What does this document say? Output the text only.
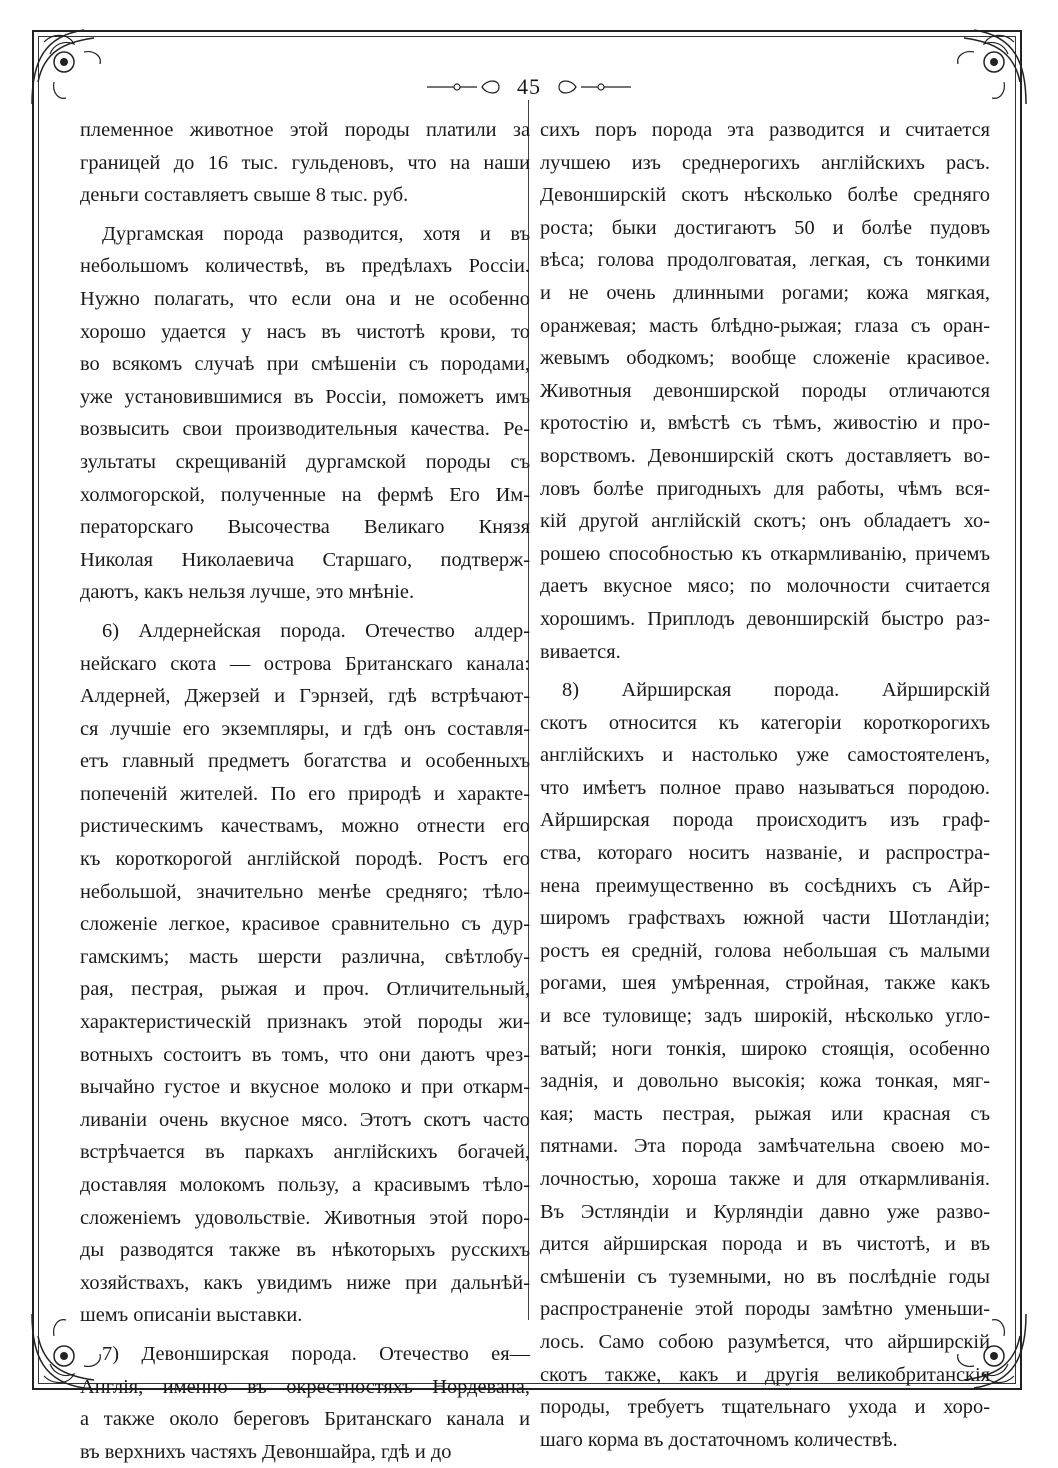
45
племенное животное этой породы платили за
границей до 16 тыс. гульденовъ, что на наши
деньги составляетъ свыше 8 тыс. руб.
Дургамская порода разводится, хотя и въ
небольшомъ количествѣ, въ предѣлахъ Россіи.
Нужно полагать, что если она и не особенно
хорошо удается у насъ въ чистотѣ крови, то
во всякомъ случаѣ при смѣшеніи съ породами,
уже установившимися въ Россіи, поможетъ имъ
возвысить свои производительныя качества. Ре-
зультаты скрещиваній дургамской породы съ
холмогорской, полученные на фермѣ Его Им-
ператорскаго Высочества Великаго Князя
Николая Николаевича Старшаго, подтверж-
даютъ, какъ нельзя лучше, это мнѣніе.
6) Алдернейская порода. Отечество алдер-
нейскаго скота — острова Британскаго канала:
Алдерней, Джерзей и Гэрнзей, гдѣ встрѣчают-
ся лучшіе его экземпляры, и гдѣ онъ составля-
етъ главный предметъ богатства и особенныхъ
попеченій жителей. По его природѣ и характе-
ристическимъ качествамъ, можно отнести его
къ короткорогой англійской породѣ. Ростъ его
небольшой, значительно менѣе средняго; тѣло-
сложеніе легкое, красивое сравнительно съ дур-
гамскимъ; масть шерсти различна, свѣтлобу-
рая, пестрая, рыжая и проч. Отличительный,
характеристическій признакъ этой породы жи-
вотныхъ состоитъ въ томъ, что они даютъ чрез-
вычайно густое и вкусное молоко и при откарм-
ливаніи очень вкусное мясо. Этотъ скотъ часто
встрѣчается въ паркахъ англійскихъ богачей,
доставляя молокомъ пользу, а красивымъ тѣло-
сложеніемъ удовольствіе. Животныя этой поро-
ды разводятся также въ нѣкоторыхъ русскихъ
хозяйствахъ, какъ увидимъ ниже при дальнѣй-
шемъ описаніи выставки.
7) Девонширская порода. Отечество ея—
Англія, именно въ окрестностяхъ Нордевана,
а также около береговъ Британскаго канала и
въ верхнихъ частяхъ Девоншайра, гдѣ и до
сихъ поръ порода эта разводится и считается
лучшею изъ среднерогихъ англійскихъ расъ.
Девонширскій скотъ нѣсколько болѣе средняго
роста; быки достигаютъ 50 и болѣе пудовъ
вѣса; голова продолговатая, легкая, съ тонкими
и не очень длинными рогами; кожа мягкая,
оранжевая; масть блѣдно-рыжая; глаза съ оран-
жевымъ ободкомъ; вообще сложеніе красивое.
Животныя девонширской породы отличаются
кротостію и, вмѣстѣ съ тѣмъ, живостію и про-
ворствомъ. Девонширскій скотъ доставляетъ во-
ловъ болѣе пригодныхъ для работы, чѣмъ вся-
кій другой англійскій скотъ; онъ обладаетъ хо-
рошею способностью къ откармливанію, причемъ
даетъ вкусное мясо; по молочности считается
хорошимъ. Приплодъ девонширскій быстро раз-
вивается.
8) Айрширская порода. Айрширскій
скотъ относится къ категоріи короткорогихъ
англійскихъ и настолько уже самостоятеленъ,
что имѣетъ полное право называться породою.
Айрширская порода происходитъ изъ граф-
ства, котораго носитъ названіе, и распростра-
нена преимущественно въ сосѣднихъ съ Айр-
широмъ графствахъ южной части Шотландіи;
ростъ ея средній, голова небольшая съ малыми
рогами, шея умѣренная, стройная, также какъ
и все туловище; задъ широкій, нѣсколько угло-
ватый; ноги тонкія, широко стоящія, особенно
заднія, и довольно высокія; кожа тонкая, мяг-
кая; масть пестрая, рыжая или красная съ
пятнами. Эта порода замѣчательна своею мо-
лочностью, хороша также и для откармливанія.
Въ Эстляндіи и Курляндіи давно уже разво-
дится айрширская порода и въ чистотѣ, и въ
смѣшеніи съ туземными, но въ послѣдніе годы
распространеніе этой породы замѣтно уменьши-
лось. Само собою разумѣется, что айрширскій
скотъ также, какъ и другія великобританскія
породы, требуетъ тщательнаго ухода и хоро-
шаго корма въ достаточномъ количествѣ.
